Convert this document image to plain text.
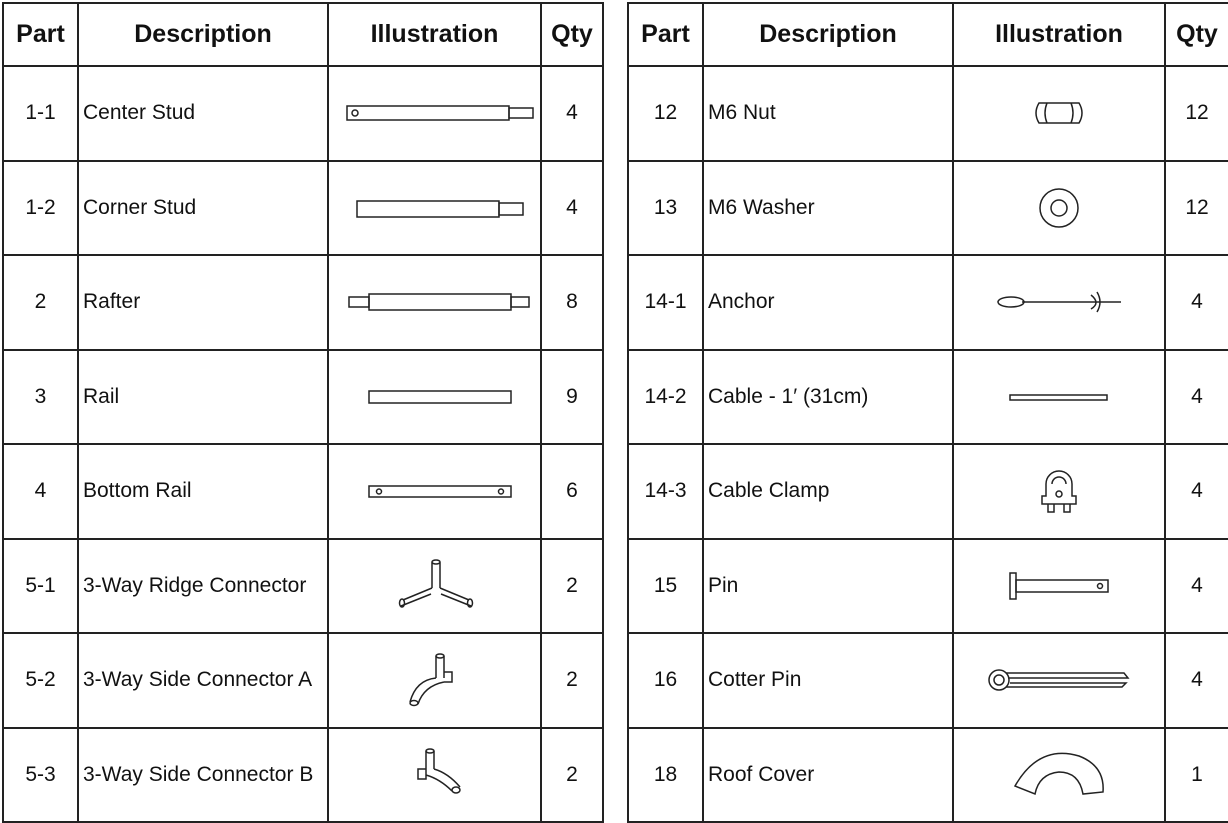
Part	Description	Illustration	Qty
1-1	Center Stud		4
1-2	Corner Stud		4
2	Rafter		8
3	Rail		9
4	Bottom Rail		6
5-1	3-Way Ridge Connector		2
5-2	3-Way Side Connector A		2
5-3	3-Way Side Connector B		2
Part	Description	Illustration	Qty
12	M6 Nut		12
13	M6 Washer		12
14-1	Anchor		4
14-2	Cable - 1′ (31cm)		4
14-3	Cable Clamp		4
15	Pin		4
16	Cotter Pin		4
18	Roof Cover		1
